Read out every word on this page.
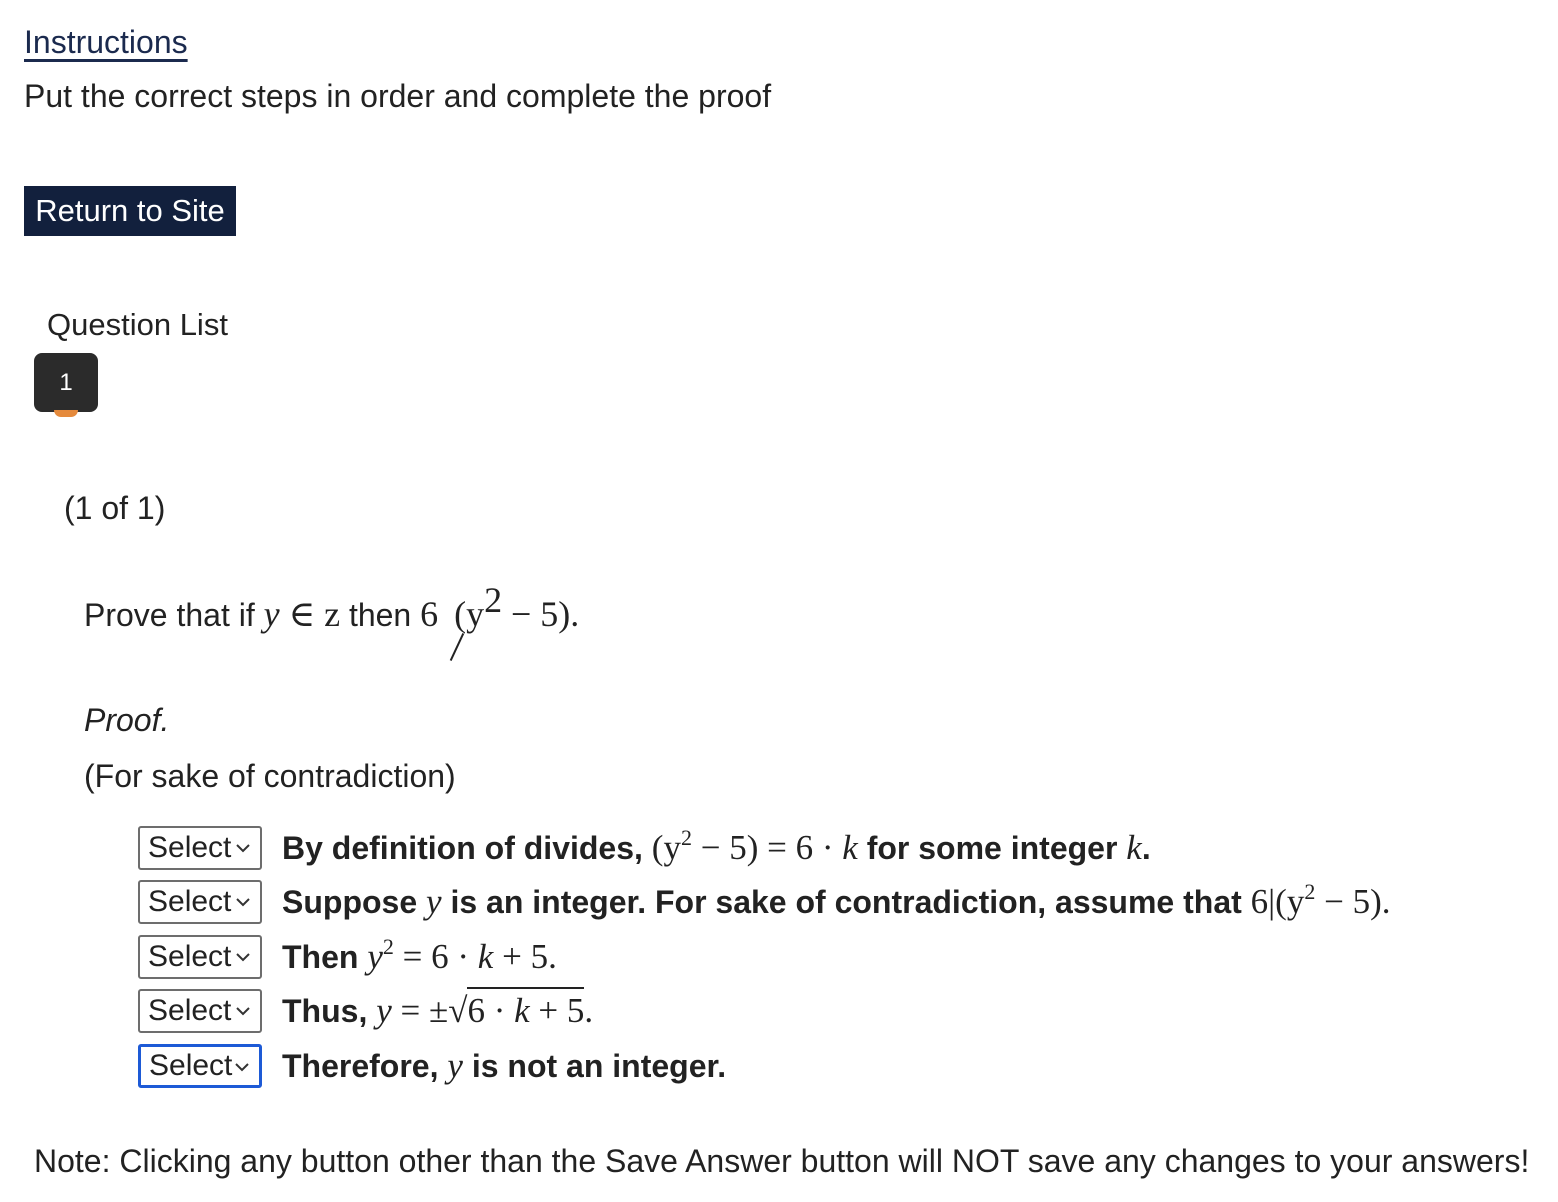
Instructions
Put the correct steps in order and complete the proof
Return to Site
Question List
1
(1 of 1)
Prove that if y ∈ z then 6 $(y^2 - 5)$.
Proof.
(For sake of contradiction)
Select By definition of divides, $(y^2 - 5) = 6 \cdot k$ for some integer k.
Select Suppose y is an integer. For sake of contradiction, assume that $6|(y^2 - 5)$.
Select Then $y^2 = 6 \cdot k + 5$.
Select Thus, y = ±√6 · k + 5.
Select Therefore, y is not an integer.
Note: Clicking any button other than the Save Answer button will NOT save any changes to your answers!
